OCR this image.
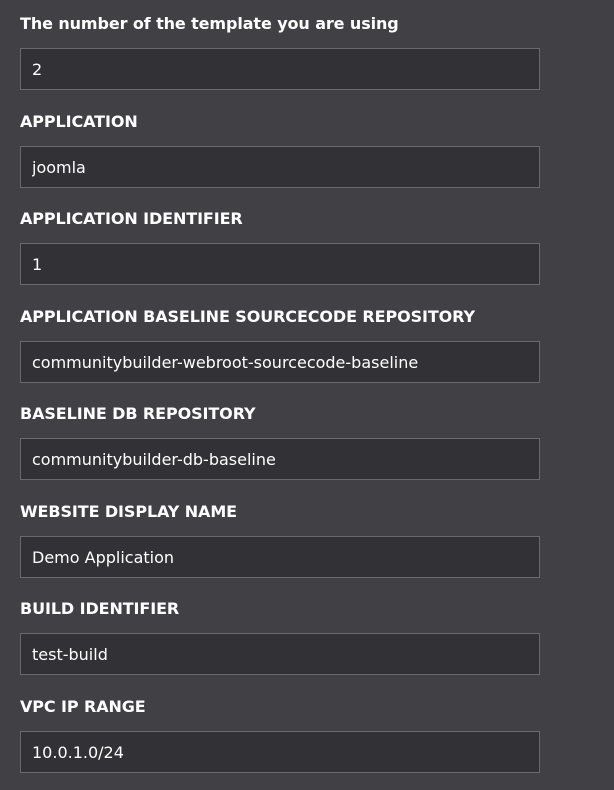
The number of the template you are using
2
APPLICATION
joomla
APPLICATION IDENTIFIER
1
APPLICATION BASELINE SOURCECODE REPOSITORY
communitybuilder-webroot-sourcecode-baseline
BASELINE DB REPOSITORY
communitybuilder-db-baseline
WEBSITE DISPLAY NAME
Demo Application
BUILD IDENTIFIER
test-build
VPC IP RANGE
10.0.1.0/24
